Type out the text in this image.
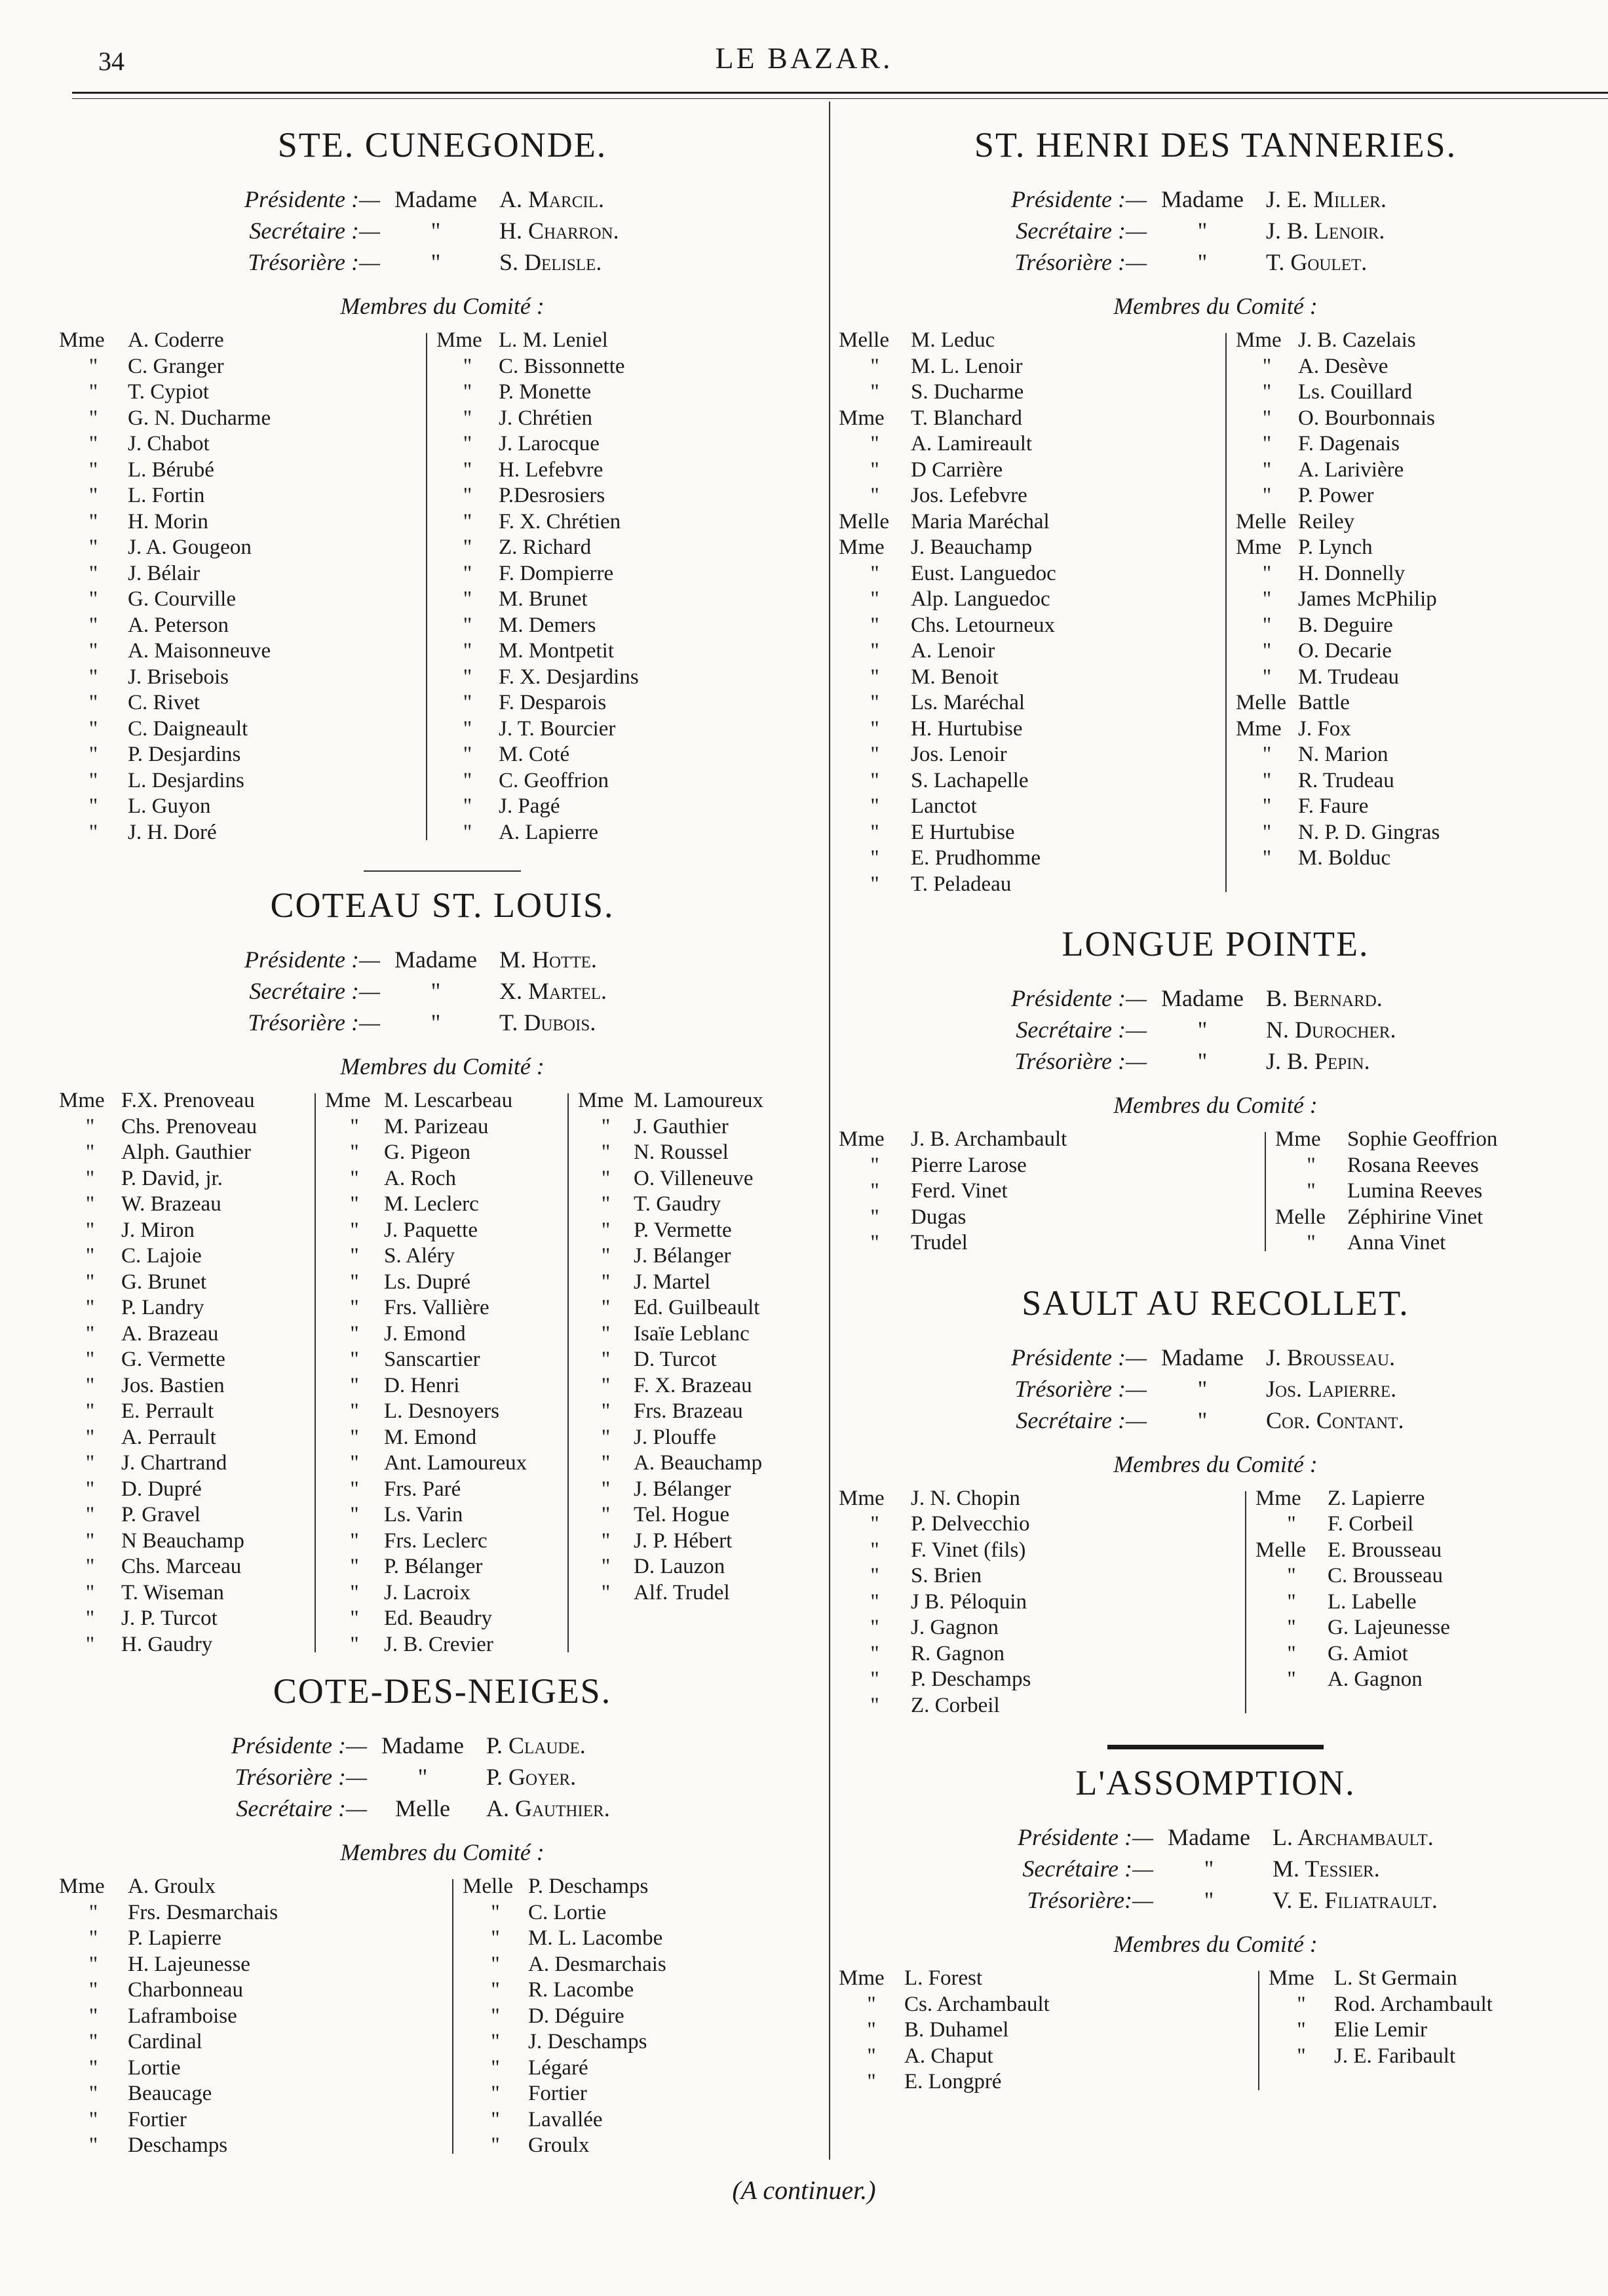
34	LE BAZAR.
STE. CUNEGONDE.
Présidente :— Madame A. Marcil.
Secrétaire :—	"	H. Charron.
Trésorière :—	"	S. Delisle.
Membres du Comité :
Mme	A. Coderre
"	C. Granger
"	T. Cypiot
"	G. N. Ducharme
"	J. Chabot
"	L. Bérubé
"	L. Fortin
"	H. Morin
"	J. A. Gougeon
"	J. Bélair
"	G. Courville
"	A. Peterson
"	A. Maisonneuve
"	J. Brisebois
"	C. Rivet
"	C. Daigneault
"	P. Desjardins
"	L. Desjardins
"	L. Guyon
"	J. H. Doré
Mme L. M. Leniel
"	C. Bissonnette
"	P. Monette
"	J. Chrétien
"	J. Larocque
"	H. Lefebvre
"	P.Desrosiers
"	F. X. Chrétien
"	Z. Richard
"	F. Dompierre
"	M. Brunet
"	M. Demers
"	M. Montpetit
"	F. X. Desjardins
"	F. Desparois
"	J. T. Bourcier
"	M. Coté
"	C. Geoffrion
"	J. Pagé
"	A. Lapierre
COTEAU ST. LOUIS.
Présidente :— Madame M. Hotte.
Secrétaire :—	"	X. Martel.
Trésorière :—	"	T. Dubois.
Membres du Comité :
Mme F.X. Prenoveau
"	Chs. Prenoveau
"	Alph. Gauthier
"	P. David, jr.
"	W. Brazeau
"	J. Miron
"	C. Lajoie
"	G. Brunet
"	P. Landry
"	A. Brazeau
"	G. Vermette
"	Jos. Bastien
"	E. Perrault
"	A. Perrault
"	J. Chartrand
"	D. Dupré
"	P. Gravel
"	N Beauchamp
"	Chs. Marceau
"	T. Wiseman
"	J. P. Turcot
"	H. Gaudry
Mme M. Lescarbeau
"	M. Parizeau
"	G. Pigeon
"	A. Roch
"	M. Leclerc
"	J. Paquette
"	S. Aléry
"	Ls. Dupré
"	Frs. Vallière
"	J. Emond
"	Sanscartier
"	D. Henri
"	L. Desnoyers
"	M. Emond
"	Ant. Lamoureux
"	Frs. Paré
"	Ls. Varin
"	Frs. Leclerc
"	P. Bélanger
"	J. Lacroix
"	Ed. Beaudry
"	J. B. Crevier
Mme M. Lamoureux
"	J. Gauthier
"	N. Roussel
"	O. Villeneuve
"	T. Gaudry
"	P. Vermette
"	J. Bélanger
"	J. Martel
"	Ed. Guilbeault
"	Isaïe Leblanc
"	D. Turcot
"	F. X. Brazeau
"	Frs. Brazeau
"	J. Plouffe
"	A. Beauchamp
"	J. Bélanger
"	Tel. Hogue
"	J. P. Hébert
"	D. Lauzon
"	Alf. Trudel
COTE-DES-NEIGES.
Présidente :— Madame P. Claude.
Trésorière :—	"	P. Goyer.
Secrétaire :—	Melle	A. Gauthier.
Membres du Comité :
Mme	A. Groulx
"	Frs. Desmarchais
"	P. Lapierre
"	H. Lajeunesse
"	Charbonneau
"	Laframboise
"	Cardinal
"	Lortie
"	Beaucage
"	Fortier
"	Deschamps
Melle P. Deschamps
"	C. Lortie
"	M. L. Lacombe
"	A. Desmarchais
"	R. Lacombe
"	D. Déguire
"	J. Deschamps
"	Légaré
"	Fortier
"	Lavallée
"	Groulx
ST. HENRI DES TANNERIES.
Présidente :— Madame J. E. Miller.
Secrétaire :—	"	J. B. Lenoir.
Trésorière :—	"	T. Goulet.
Membres du Comité :
Melle	M. Leduc
"	M. L. Lenoir
"	S. Ducharme
Mme	T. Blanchard
"	A. Lamireault
"	D Carrière
"	Jos. Lefebvre
Melle	Maria Maréchal
Mme	J. Beauchamp
"	Eust. Languedoc
"	Alp. Languedoc
"	Chs. Letourneux
"	A. Lenoir
"	M. Benoit
"	Ls. Maréchal
"	H. Hurtubise
"	Jos. Lenoir
"	S. Lachapelle
"	Lanctot
"	E Hurtubise
"	E. Prudhomme
"	T. Peladeau
Mme J. B. Cazelais
"	A. Desève
"	Ls. Couillard
"	O. Bourbonnais
"	F. Dagenais
"	A. Larivière
"	P. Power
Melle Reiley
Mme P. Lynch
"	H. Donnelly
"	James McPhilip
"	B. Deguire
"	O. Decarie
"	M. Trudeau
Melle Battle
Mme J. Fox
"	N. Marion
"	R. Trudeau
"	F. Faure
"	N. P. D. Gingras
"	M. Bolduc
LONGUE POINTE.
Présidente :— Madame B. Bernard.
Secrétaire :—	"	N. Durocher.
Trésorière :—	"	J. B. Pepin.
Membres du Comité :
Mme	J. B. Archambault
"	Pierre Larose
"	Ferd. Vinet
"	Dugas
"	Trudel
Mme	Sophie Geoffrion
"	Rosana Reeves
"	Lumina Reeves
Melle	Zéphirine Vinet
"	Anna Vinet
SAULT AU RECOLLET.
Présidente :— Madame J. Brousseau.
Trésorière :—	"	Jos. Lapierre.
Secrétaire :—	"	Cor. Contant.
Membres du Comité :
Mme	J. N. Chopin
"	P. Delvecchio
"	F. Vinet (fils)
"	S. Brien
"	J B. Péloquin
"	J. Gagnon
"	R. Gagnon
"	P. Deschamps
"	Z. Corbeil
Mme	Z. Lapierre
"	F. Corbeil
Melle	E. Brousseau
"	C. Brousseau
"	L. Labelle
"	G. Lajeunesse
"	G. Amiot
"	A. Gagnon
L'ASSOMPTION.
Présidente :— Madame L. Archambault.
Secrétaire :—	"	M. Tessier.
Trésorière:—	"	V. E. Filiatrault.
Membres du Comité :
Mme L. Forest
"	Cs. Archambault
"	B. Duhamel
"	A. Chaput
"	E. Longpré
Mme L. St Germain
"	Rod. Archambault
"	Elie Lemir
"	J. E. Faribault
(A continuer.)
